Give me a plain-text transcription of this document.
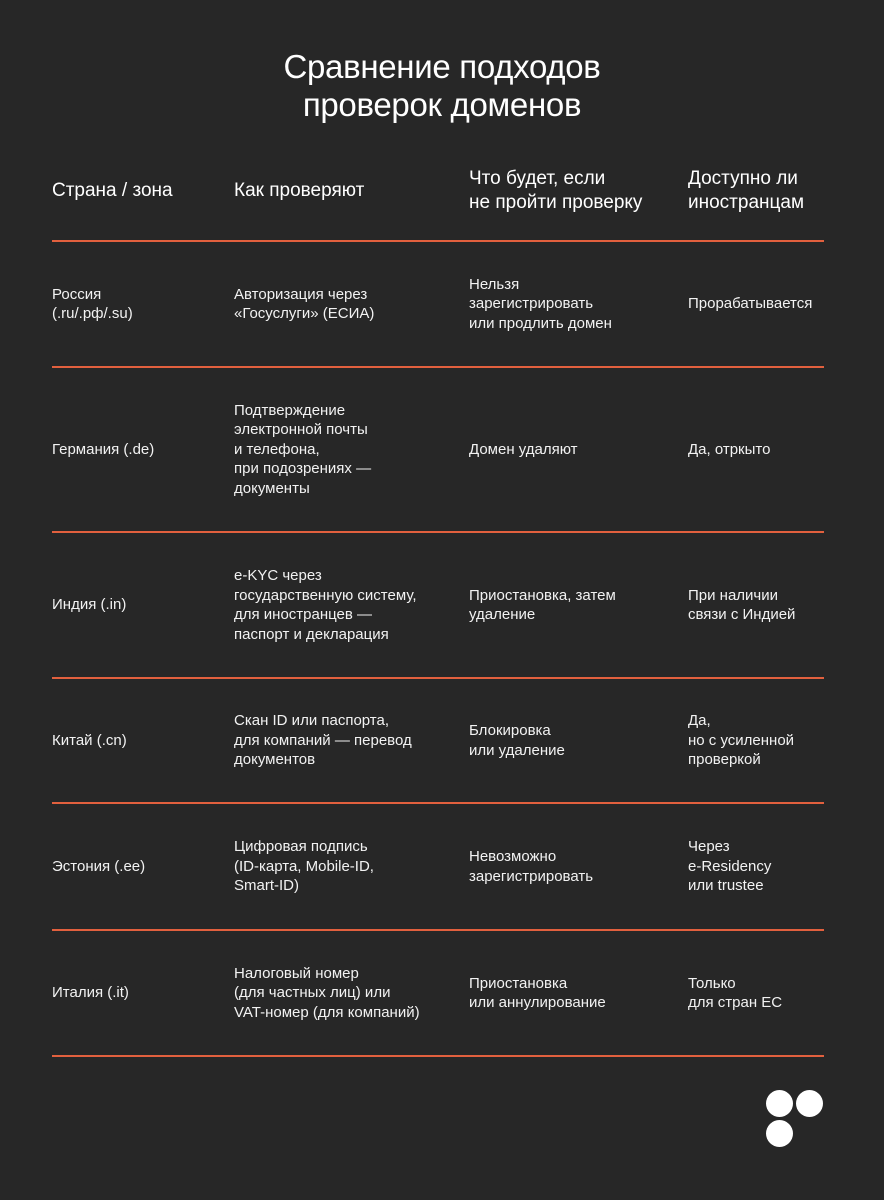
Сравнение подходов
проверок доменов
Страна / зона	Как проверяют
Что будет, если
не пройти проверку
Доступно ли
иностранцам
Россия
(.ru/.рф/.su)
Авторизация через
«Госуслуги» (ЕСИА)
Нельзя
зарегистрировать
или продлить домен
Прорабатывается
Германия (.de)
Подтверждение
электронной почты
и телефона,
при подозрениях —
документы
Домен удаляют	Да, отркыто
Индия (.in)
e-KYC через
государственную систему,
для иностранцев —
паспорт и декларация
Приостановка, затем
удаление
При наличии
связи с Индией
Китай (.cn)
Скан ID или паспорта,
для компаний — перевод
документов
Блокировка
или удаление
Да,
но с усиленной
проверкой
Эстония (.ee)
Цифровая подпись
(ID-карта, Mobile-ID,
Smart-ID)
Невозможно
зарегистрировать
Через
e-Residency
или trustee
Италия (.it)
Налоговый номер
(для частных лиц) или
VAT-номер (для компаний)
Приостановка
или аннулирование
Только
для стран ЕС
